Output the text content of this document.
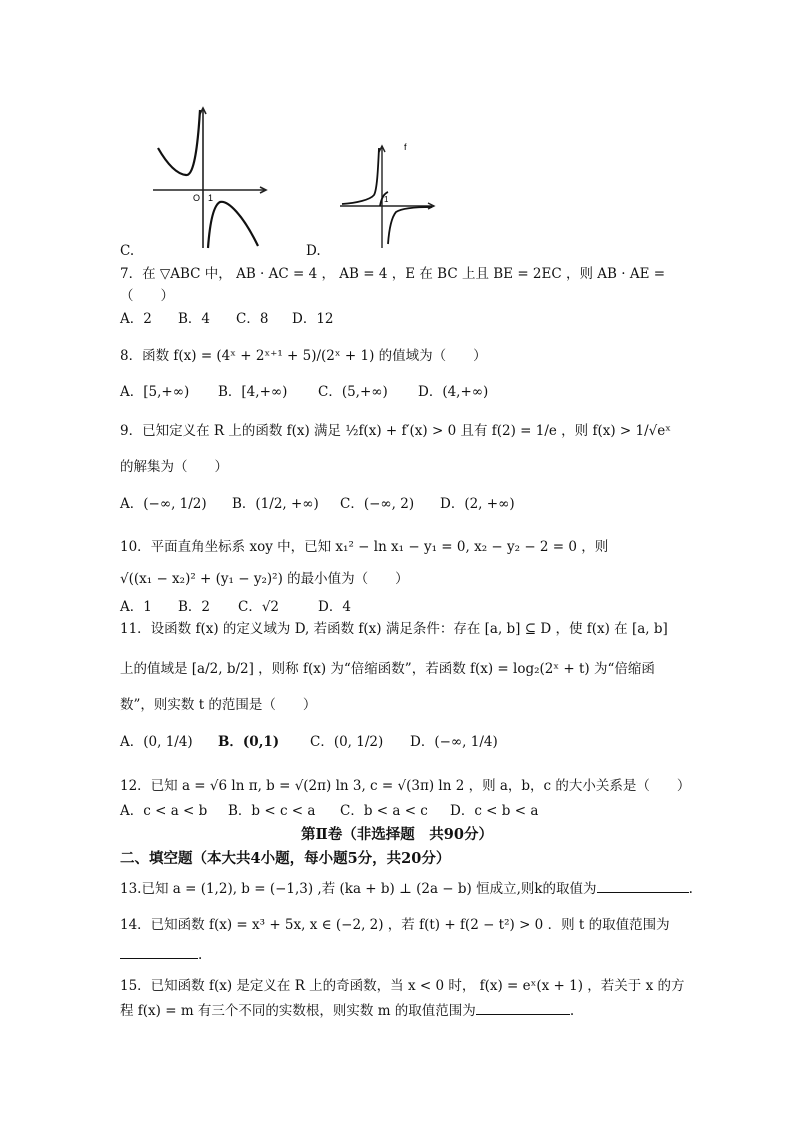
O 1	1
f
C.	D.
7．在 ▽ABC 中， AB · AC = 4 ， AB = 4 ，E 在 BC 上且 BE = 2EC ，则 AB · AE =
（　　）
A．2 B．4 C．8 D．12
8．函数 f(x) = (4ˣ + 2ˣ⁺¹ + 5)/(2ˣ + 1) 的值域为（　　）
A．[5,+∞) B．[4,+∞) C．(5,+∞) D．(4,+∞)
9．已知定义在 R 上的函数 f(x) 满足 ½f(x) + f′(x) > 0 且有 f(2) = 1/e ，则 f(x) > 1/√eˣ
的解集为（　　）
A．(−∞, 1/2) B．(1/2, +∞) C．(−∞, 2) D．(2, +∞)
10．平面直角坐标系 xoy 中，已知 x₁² − ln x₁ − y₁ = 0, x₂ − y₂ − 2 = 0 ，则
√((x₁ − x₂)² + (y₁ − y₂)²) 的最小值为（　　）
A．1 B．2 C．√2	D．4
11．设函数 f(x) 的定义域为 D, 若函数 f(x) 满足条件：存在 [a, b] ⊆ D ，使 f(x) 在 [a, b]
上的值域是 [a/2, b/2] ，则称 f(x) 为“倍缩函数”，若函数 f(x) = log₂(2ˣ + t) 为“倍缩函
数”，则实数 t 的范围是（　　）
A．(0, 1/4) B．(0,1) C．(0, 1/2) D．(−∞, 1/4)
12．已知 a = √6 ln π, b = √(2π) ln 3, c = √(3π) ln 2 ，则 a，b，c 的大小关系是（　　）
A．c < a < b B．b < c < a C．b < a < c D．c < b < a
第Ⅱ卷（非选择题　共90分）
二、填空题（本大共4小题，每小题5分，共20分）
13.已知 a = (1,2), b = (−1,3) ,若 (ka + b) ⊥ (2a − b) 恒成立,则k的取值为	.
14．已知函数 f(x) = x³ + 5x, x ∈ (−2, 2) ，若 f(t) + f(2 − t²) > 0 ．则 t 的取值范围为
.
15．已知函数 f(x) 是定义在 R 上的奇函数，当 x < 0 时， f(x) = eˣ(x + 1) ，若关于 x 的方
程 f(x) = m 有三个不同的实数根，则实数 m 的取值范围为	.
